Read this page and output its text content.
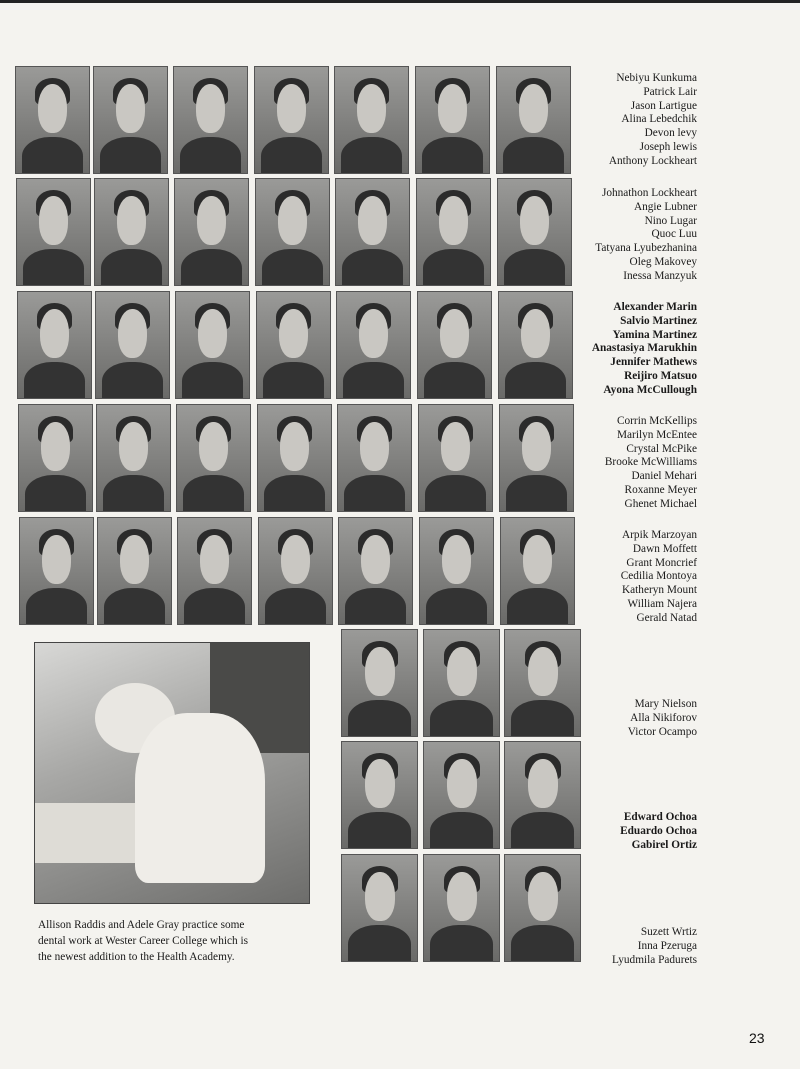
Nebiyu Kunkuma
Patrick Lair
Jason Lartigue
Alina Lebedchik
Devon levy
Joseph lewis
Anthony Lockheart
Johnathon Lockheart
Angie Lubner
Nino Lugar
Quoc Luu
Tatyana Lyubezhanina
Oleg Makovey
Inessa Manzyuk
Alexander Marin
Salvio Martinez
Yamina Martinez
Anastasiya Marukhin
Jennifer Mathews
Reijiro Matsuo
Ayona McCullough
Corrin McKellips
Marilyn McEntee
Crystal McPike
Brooke McWilliams
Daniel Mehari
Roxanne Meyer
Ghenet Michael
Arpik Marzoyan
Dawn Moffett
Grant Moncrief
Cedilia Montoya
Katheryn Mount
William Najera
Gerald Natad
Mary Nielson
Alla Nikiforov
Victor Ocampo
Edward Ochoa
Eduardo Ochoa
Gabirel Ortiz
Suzett Wrtiz
Inna Pzeruga
Lyudmila Padurets
Allison Raddis and Adele Gray practice some dental work at Wester Career College which is the newest addition to the Health Academy.
23
